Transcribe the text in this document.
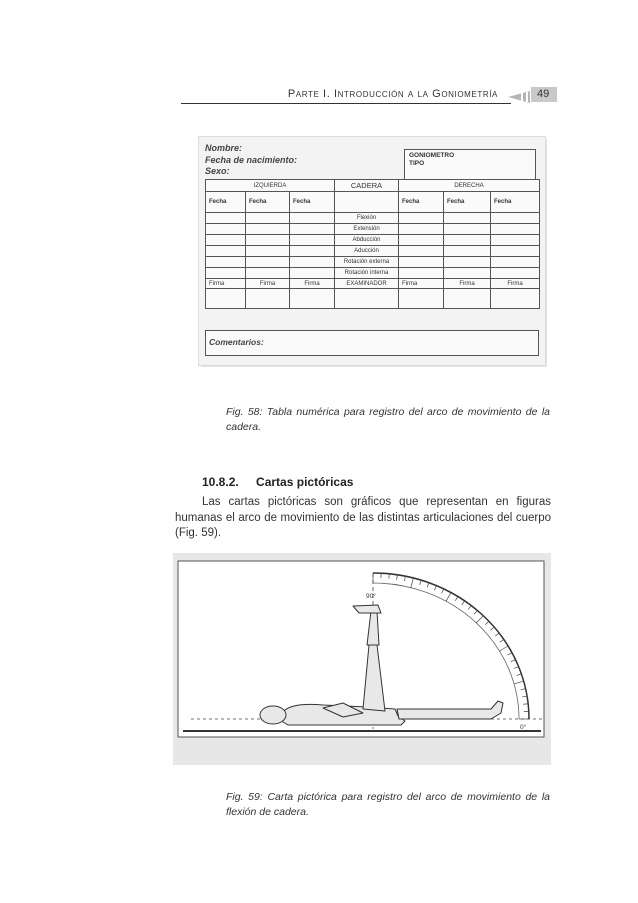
Parte I. Introducción a la Goniometría	49
Nombre:
Fecha de nacimiento:
Sexo:
GONIOMETRO
TIPO
IZQUIERDA			CADERA	DERECHA		
Fecha	Fecha	Fecha		Fecha	Fecha	Fecha
			Flexión			
			Extensión			
			Abducción			
			Aducción			
			Rotación externa			
			Rotación interna			
Firma	Firma	Firma	EXAMINADOR	Firma	Firma	Firma

Comentarios:
Fig. 58: Tabla numérica para registro del arco de movimiento de la cadera.
10.8.2. Cartas pictóricas
Las cartas pictóricas son gráficos que representan en figuras humanas el arco de movimiento de las distintas articulaciones del cuerpo (Fig. 59).
90°
0°
Fig. 59: Carta pictórica para registro del arco de movimiento de la flexión de cadera.
